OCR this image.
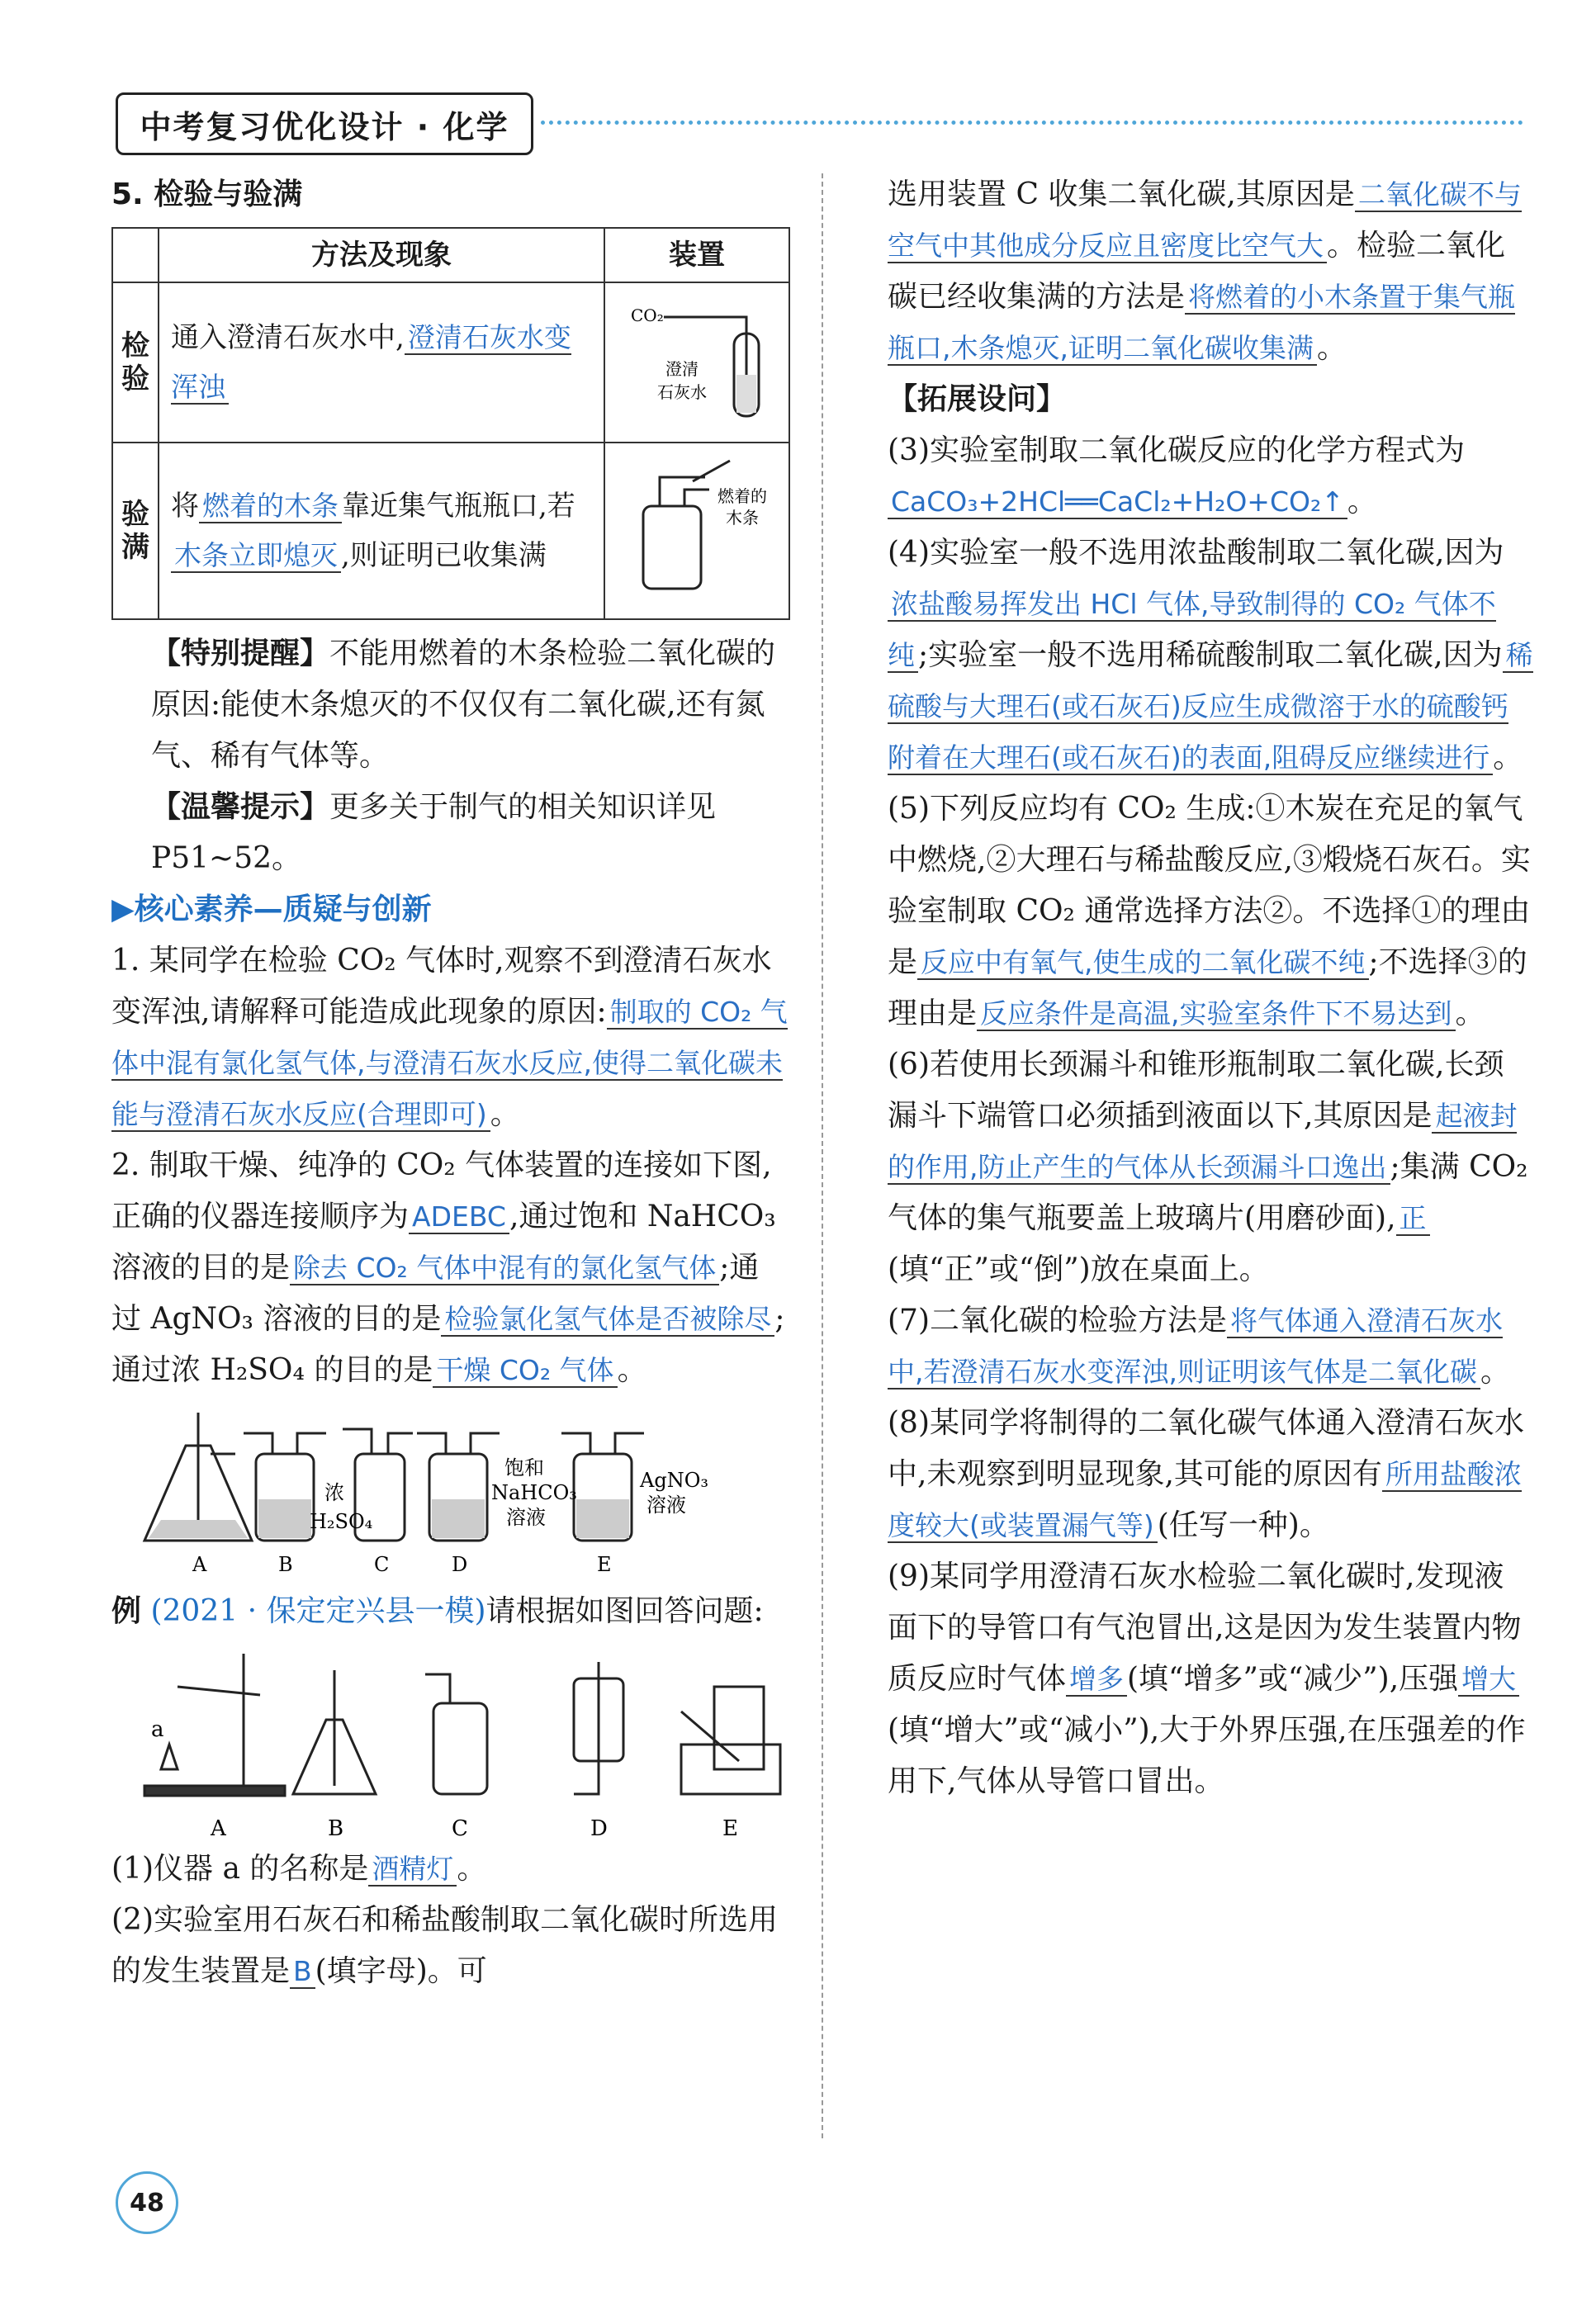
中考复习优化设计 · 化学

5. 检验与验满

	方法及现象	装置
检验	通入澄清石灰水中, 澄清石灰水变浑浊	CO₂
澄清
石灰水

验满	将 燃着的木条 靠近集气瓶瓶口,若木条立即熄灭 ,则证明已收集满	燃着的
木条

【特别提醒】不能用燃着的木条检验二氧化碳的原因:能使木条熄灭的不仅仅有二氧化碳,还有氮气、稀有气体等。

【温馨提示】更多关于制气的相关知识详见P51~52。

▶核心素养—质疑与创新

1. 某同学在检验 CO₂ 气体时,观察不到澄清石灰水变浑浊,请解释可能造成此现象的原因: 制取的 CO₂ 气体中混有氯化氢气体,与澄清石灰水反应,使得二氧化碳未能与澄清石灰水反应(合理即可) 。

2. 制取干燥、纯净的 CO₂ 气体装置的连接如下图,正确的仪器连接顺序为 ADEBC ,通过饱和 NaHCO₃ 溶液的目的是 除去 CO₂ 气体中混有的氯化氢气体 ;通过 AgNO₃ 溶液的目的是 检验氯化氢气体是否被除尽 ;通过浓 H₂SO₄ 的目的是 干燥 CO₂ 气体 。

浓
H₂SO₄
饱和
NaHCO₃
溶液
AgNO₃
溶液
A	B	C	D	E

例 (2021 · 保定定兴县一模)请根据如图回答问题:

a
A	B	C	D	E

(1)仪器 a 的名称是 酒精灯 。

(2)实验室用石灰石和稀盐酸制取二氧化碳时所选用的发生装置是 B (填字母)。可

选用装置 C 收集二氧化碳,其原因是 二氧化碳不与空气中其他成分反应且密度比空气大 。检验二氧化碳已经收集满的方法是 将燃着的小木条置于集气瓶瓶口,木条熄灭,证明二氧化碳收集满 。

【拓展设问】

(3)实验室制取二氧化碳反应的化学方程式为CaCO₃+2HCl══CaCl₂+H₂O+CO₂↑ 。

(4)实验室一般不选用浓盐酸制取二氧化碳,因为浓盐酸易挥发出 HCl 气体,导致制得的 CO₂ 气体不纯 ;实验室一般不选用稀硫酸制取二氧化碳,因为 稀硫酸与大理石(或石灰石)反应生成微溶于水的硫酸钙附着在大理石(或石灰石)的表面,阻碍反应继续进行 。

(5)下列反应均有 CO₂ 生成:①木炭在充足的氧气中燃烧,②大理石与稀盐酸反应,③煅烧石灰石。实验室制取 CO₂ 通常选择方法②。不选择①的理由是 反应中有氧气,使生成的二氧化碳不纯 ;不选择③的理由是 反应条件是高温,实验室条件下不易达到 。

(6)若使用长颈漏斗和锥形瓶制取二氧化碳,长颈漏斗下端管口必须插到液面以下,其原因是 起液封的作用,防止产生的气体从长颈漏斗口逸出 ;集满 CO₂ 气体的集气瓶要盖上玻璃片(用磨砂面), 正(填“正”或“倒”)放在桌面上。

(7)二氧化碳的检验方法是 将气体通入澄清石灰水中,若澄清石灰水变浑浊,则证明该气体是二氧化碳 。

(8)某同学将制得的二氧化碳气体通入澄清石灰水中,未观察到明显现象,其可能的原因有 所用盐酸浓度较大(或装置漏气等) (任写一种)。

(9)某同学用澄清石灰水检验二氧化碳时,发现液面下的导管口有气泡冒出,这是因为发生装置内物质反应时气体 增多 (填“增多”或“减少”),压强 增大(填“增大”或“减小”),大于外界压强,在压强差的作用下,气体从导管口冒出。

48
